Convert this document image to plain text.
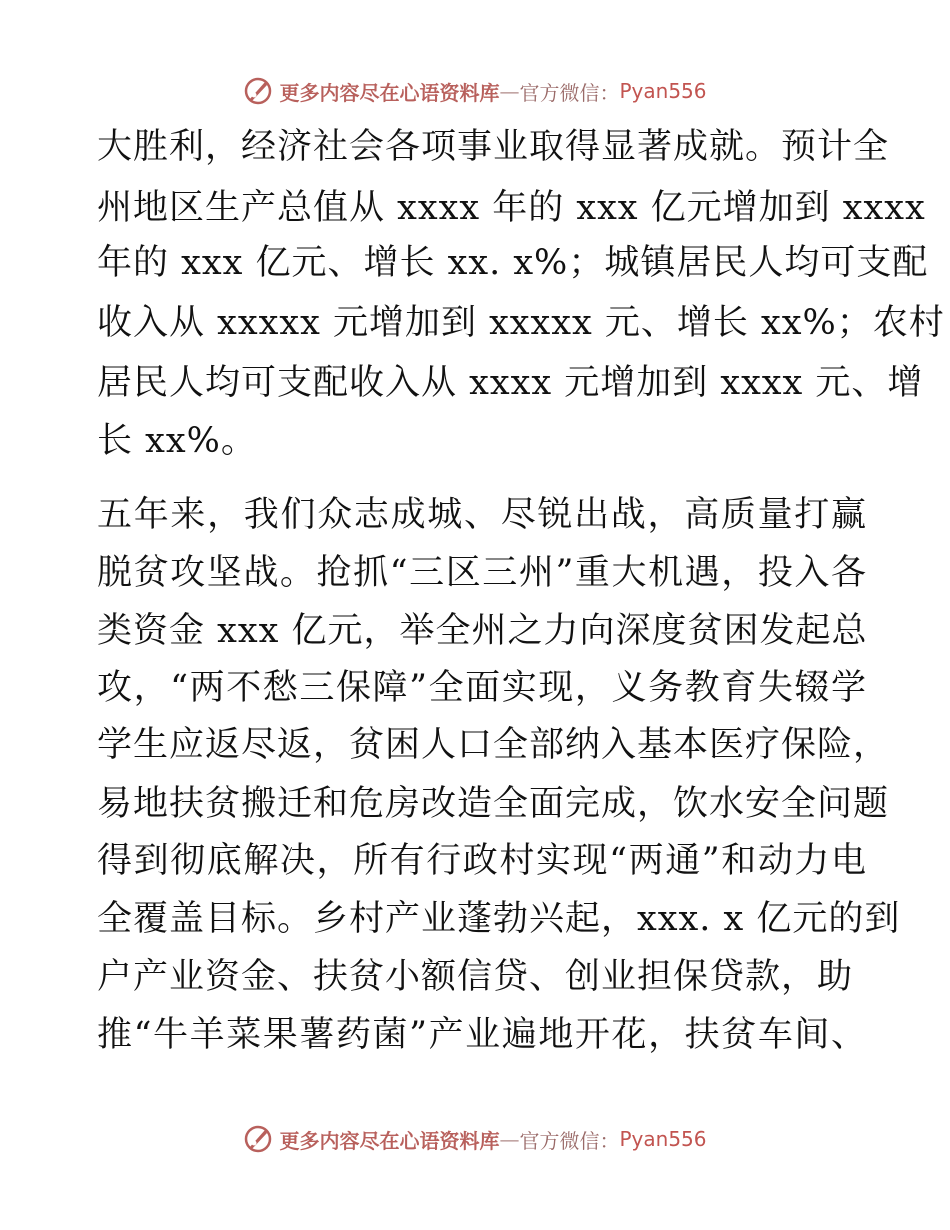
更多内容尽在心语资料库 — 官方微信： Pyan556
大胜利，经济社会各项事业取得显著成就。预计全
州地区生产总值从 xxxx 年的 xxx 亿元增加到 xxxx
年的 xxx 亿元、增长 xx. x%；城镇居民人均可支配
收入从 xxxxx 元增加到 xxxxx 元、增长 xx%；农村
居民人均可支配收入从 xxxx 元增加到 xxxx 元、增
长 xx%。
五年来，我们众志成城、尽锐出战，高质量打赢
脱贫攻坚战。抢抓“三区三州”重大机遇，投入各
类资金 xxx 亿元，举全州之力向深度贫困发起总
攻，“两不愁三保障”全面实现，义务教育失辍学
学生应返尽返，贫困人口全部纳入基本医疗保险，
易地扶贫搬迁和危房改造全面完成，饮水安全问题
得到彻底解决，所有行政村实现“两通”和动力电
全覆盖目标。乡村产业蓬勃兴起，xxx. x 亿元的到
户产业资金、扶贫小额信贷、创业担保贷款，助
推“牛羊菜果薯药菌”产业遍地开花，扶贫车间、
更多内容尽在心语资料库 — 官方微信： Pyan556
